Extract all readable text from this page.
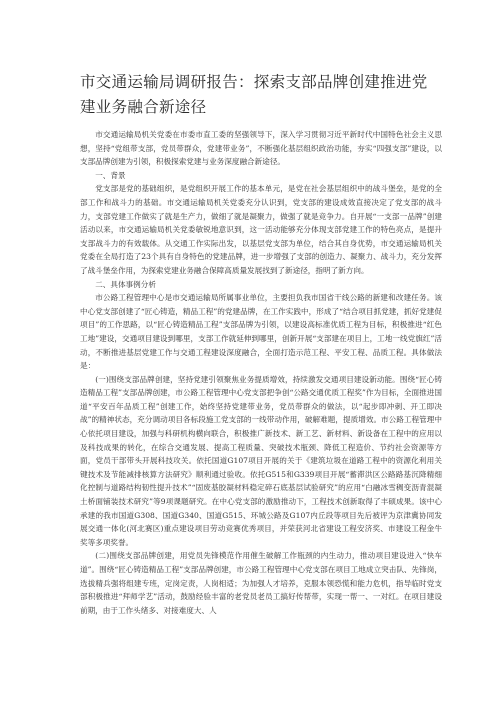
市交通运输局调研报告：探索支部品牌创建推进党建业务融合新途径

市交通运输局机关党委在市委市直工委的坚强领导下，深入学习贯彻习近平新时代中国特色社会主义思想，坚持“党组带支部，党员带群众，党建带业务”，不断强化基层组织政治功能，夯实“四强支部”建设，以支部品牌创建为引领，积极探索党建与业务深度融合新途径。

一、背景

党支部是党的基础组织，是党组织开展工作的基本单元，是党在社会基层组织中的战斗堡垒，是党的全部工作和战斗力的基础。市交通运输局机关党委充分认识到，党支部的建设成效直接决定了党支部的战斗力，支部党建工作做实了就是生产力，做细了就是凝聚力，做强了就是竞争力。自开展“一支部一品牌”创建活动以来，市交通运输局机关党委敏锐地意识到，这一活动能够充分体现支部党建工作的特色亮点，是提升支部战斗力的有效载体。从交通工作实际出发，以基层党支部为单位，结合其自身优势，市交通运输局机关党委在全局打造了23个具有自身特色的党建品牌，进一步增强了支部的创造力、凝聚力、战斗力，充分发挥了战斗堡垒作用，为探索党建业务融合保障高质量发展找到了新途径，指明了新方向。

二、具体事例分析

市公路工程管理中心是市交通运输局所属事业单位，主要担负我市国省干线公路的新建和改建任务。该中心党支部创建了“匠心铸造，精品工程”的党建品牌，在工作实践中，形成了“结合项目抓党建，抓好党建促项目”的工作思路，以“匠心铸造精品工程”支部品牌为引领，以建设高标准优质工程为目标，积极推进“红色工地”建设，交通项目建设到哪里，支部工作就延伸到哪里，创新开展“支部建在项目上，工地一线党旗红”活动，不断推进基层党建工作与交通工程建设深度融合，全面打造示范工程、平安工程、品质工程。具体做法是：

(一)围绕支部品牌创建，坚持党建引领聚焦业务提质增效，持续激发交通项目建设新动能。围绕“匠心铸造精品工程”支部品牌创建，市公路工程管理中心党支部把争创“公路交通优质工程奖”作为目标，全面推进国道“平安百年品质工程”创建工作，始终坚持党建带业务，党员带群众的做法，以“起步即冲刺、开工即决战”的精神状态，充分调动项目各标段施工党支部的一线带动作用，破解难题，提质增效。市公路工程管理中心依托项目建设，加强与科研机构横向联合，积极推广新技术、新工艺、新材料、新设备在工程中的应用以及科技成果的转化，在综合交通发展、提高工程质量、突破技术瓶颈、降低工程造价、节约社会资源等方面，党员干部带头开展科技攻关。依托国道G107项目开展的关于《建筑垃圾在道路工程中的资源化利用关键技术及节能减排核算方法研究》顺利通过验收。依托G515和G339项目开展“蓄滞洪区公路路基沉降精细化控制与道路结构韧性提升技术”“固废基胶凝材料稳定碎石底基层试验研究”的应用“白融冰雪稠变沥青混凝土桥面铺装技术研究”等9项课题研究。在中心党支部的激励推动下，工程技术创新取得了丰硕成果。该中心承建的我市国道G308、国道G340、国道G515、环城公路及G107内丘段等项目先后被评为京津冀协同发展交通一体化(河北赛区)重点建设项目劳动竞赛优秀项目，并荣获河北省建设工程安济奖、市建设工程金牛奖等多项奖誉。

(二)围绕支部品牌创建，用党员先锋模范作用催生破解工作瓶颈的内生动力，推动项目建设进入“快车道”。围绕“匠心铸造精品工程”支部品牌创建，市公路工程管理中心党支部在项目工地成立突击队、先锋岗，选拔精兵强将组建专班，定岗定责，人岗相适；为加强人才培养，克服本领恐慌和能力危机，指导临时党支部积极推进“拜师学艺”活动，鼓励经验丰富的老党员老员工搞好传帮带，实现一帮一、一对红。在项目建设前期，由于工作头绪多、对接难度大、人
